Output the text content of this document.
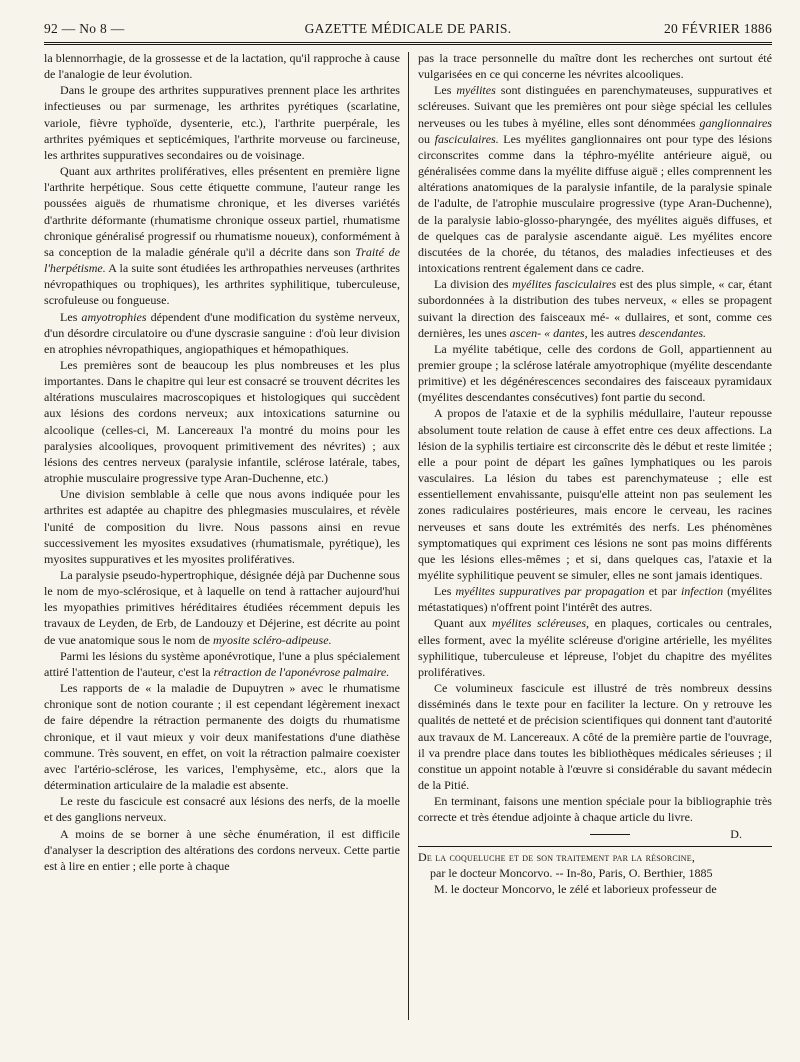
92 — No 8 —	GAZETTE MÉDICALE DE PARIS.	20 FÉVRIER 1886

la blennorrhagie, de la grossesse et de la lactation, qu'il rapproche à cause de l'analogie de leur évolution.

Dans le groupe des arthrites suppuratives prennent place les arthrites infectieuses ou par surmenage, les arthrites pyrétiques (scarlatine, variole, fièvre typhoïde, dysenterie, etc.), l'arthrite puerpérale, les arthrites pyémiques et septicémiques, l'arthrite morveuse ou farcineuse, les arthrites suppuratives secondaires ou de voisinage.

Quant aux arthrites prolifératives, elles présentent en première ligne l'arthrite herpétique. Sous cette étiquette commune, l'auteur range les poussées aiguës de rhumatisme chronique, et les diverses variétés d'arthrite déformante (rhumatisme chronique osseux partiel, rhumatisme chronique généralisé progressif ou rhumatisme noueux), conformément à sa conception de la maladie générale qu'il a décrite dans son Traité de l'herpétisme. A la suite sont étudiées les arthropathies nerveuses (arthrites névropathiques ou trophiques), les arthrites syphilitique, tuberculeuse, scrofuleuse ou fongueuse.

Les amyotrophies dépendent d'une modification du système nerveux, d'un désordre circulatoire ou d'une dyscrasie sanguine : d'où leur division en atrophies névropathiques, angiopathiques et hémopathiques.

Les premières sont de beaucoup les plus nombreuses et les plus importantes. Dans le chapitre qui leur est consacré se trouvent décrites les altérations musculaires macroscopiques et histologiques qui succèdent aux lésions des cordons nerveux; aux intoxications saturnine ou alcoolique (celles-ci, M. Lancereaux l'a montré du moins pour les paralysies alcooliques, provoquent primitivement des névrites) ; aux lésions des centres nerveux (paralysie infantile, sclérose latérale, tabes, atrophie musculaire progressive type Aran-Duchenne, etc.)

Une division semblable à celle que nous avons indiquée pour les arthrites est adaptée au chapitre des phlegmasies musculaires, et révèle l'unité de composition du livre. Nous passons ainsi en revue successivement les myosites exsudatives (rhumatismale, pyrétique), les myosites suppuratives et les myosites prolifératives.

La paralysie pseudo-hypertrophique, désignée déjà par Duchenne sous le nom de myo-sclérosique, et à laquelle on tend à rattacher aujourd'hui les myopathies primitives héréditaires étudiées récemment depuis les travaux de Leyden, de Erb, de Landouzy et Déjerine, est décrite au point de vue anatomique sous le nom de myosite scléro-adipeuse.

Parmi les lésions du système aponévrotique, l'une a plus spécialement attiré l'attention de l'auteur, c'est la rétraction de l'aponévrose palmaire.

Les rapports de « la maladie de Dupuytren » avec le rhumatisme chronique sont de notion courante ; il est cependant légèrement inexact de faire dépendre la rétraction permanente des doigts du rhumatisme chronique, et il vaut mieux y voir deux manifestations d'une diathèse commune. Très souvent, en effet, on voit la rétraction palmaire coexister avec l'artério-sclérose, les varices, l'emphysème, etc., alors que la détermination articulaire de la maladie est absente.

Le reste du fascicule est consacré aux lésions des nerfs, de la moelle et des ganglions nerveux.

A moins de se borner à une sèche énumération, il est difficile d'analyser la description des altérations des cordons nerveux. Cette partie est à lire en entier ; elle porte à chaque

pas la trace personnelle du maître dont les recherches ont surtout été vulgarisées en ce qui concerne les névrites alcooliques.

Les myélites sont distinguées en parenchymateuses, suppuratives et scléreuses. Suivant que les premières ont pour siège spécial les cellules nerveuses ou les tubes à myéline, elles sont dénommées ganglionnaires ou fasciculaires. Les myélites ganglionnaires ont pour type des lésions circonscrites comme dans la téphro-myélite antérieure aiguë, ou généralisées comme dans la myélite diffuse aiguë ; elles comprennent les altérations anatomiques de la paralysie infantile, de la paralysie spinale de l'adulte, de l'atrophie musculaire progressive (type Aran-Duchenne), de la paralysie labio-glosso-pharyngée, des myélites aiguës diffuses, et de quelques cas de paralysie ascendante aiguë. Les myélites encore discutées de la chorée, du tétanos, des maladies infectieuses et des intoxications rentrent également dans ce cadre.

La division des myélites fasciculaires est des plus simple, « car, étant subordonnées à la distribution des tubes nerveux, « elles se propagent suivant la direction des faisceaux mé- « dullaires, et sont, comme ces dernières, les unes ascen- « dantes, les autres descendantes.

La myélite tabétique, celle des cordons de Goll, appartiennent au premier groupe ; la sclérose latérale amyotrophique (myélite descendante primitive) et les dégénérescences secondaires des faisceaux pyramidaux (myélites descendantes consécutives) font partie du second.

A propos de l'ataxie et de la syphilis médullaire, l'auteur repousse absolument toute relation de cause à effet entre ces deux affections. La lésion de la syphilis tertiaire est circonscrite dès le début et reste limitée ; elle a pour point de départ les gaînes lymphatiques ou les parois vasculaires. La lésion du tabes est parenchymateuse ; elle est essentiellement envahissante, puisqu'elle atteint non pas seulement les zones radiculaires postérieures, mais encore le cerveau, les racines nerveuses et sans doute les extrémités des nerfs. Les phénomènes symptomatiques qui expriment ces lésions ne sont pas moins différents que les lésions elles-mêmes ; et si, dans quelques cas, l'ataxie et la myélite syphilitique peuvent se simuler, elles ne sont jamais identiques.

Les myélites suppuratives par propagation et par infection (myélites métastatiques) n'offrent point l'intérêt des autres.

Quant aux myélites scléreuses, en plaques, corticales ou centrales, elles forment, avec la myélite scléreuse d'origine artérielle, les myélites syphilitique, tuberculeuse et lépreuse, l'objet du chapitre des myélites prolifératives.

Ce volumineux fascicule est illustré de très nombreux dessins disséminés dans le texte pour en faciliter la lecture. On y retrouve les qualités de netteté et de précision scientifiques qui donnent tant d'autorité aux travaux de M. Lancereaux. A côté de la première partie de l'ouvrage, il va prendre place dans toutes les bibliothèques médicales sérieuses ; il constitue un appoint notable à l'œuvre si considérable du savant médecin de la Pitié.

En terminant, faisons une mention spéciale pour la bibliographie très correcte et très étendue adjointe à chaque article du livre.

D.

De la coqueluche et de son traitement par la résorcine,

par le docteur Moncorvo. -- In-8o, Paris, O. Berthier, 1885

M. le docteur Moncorvo, le zélé et laborieux professeur de
